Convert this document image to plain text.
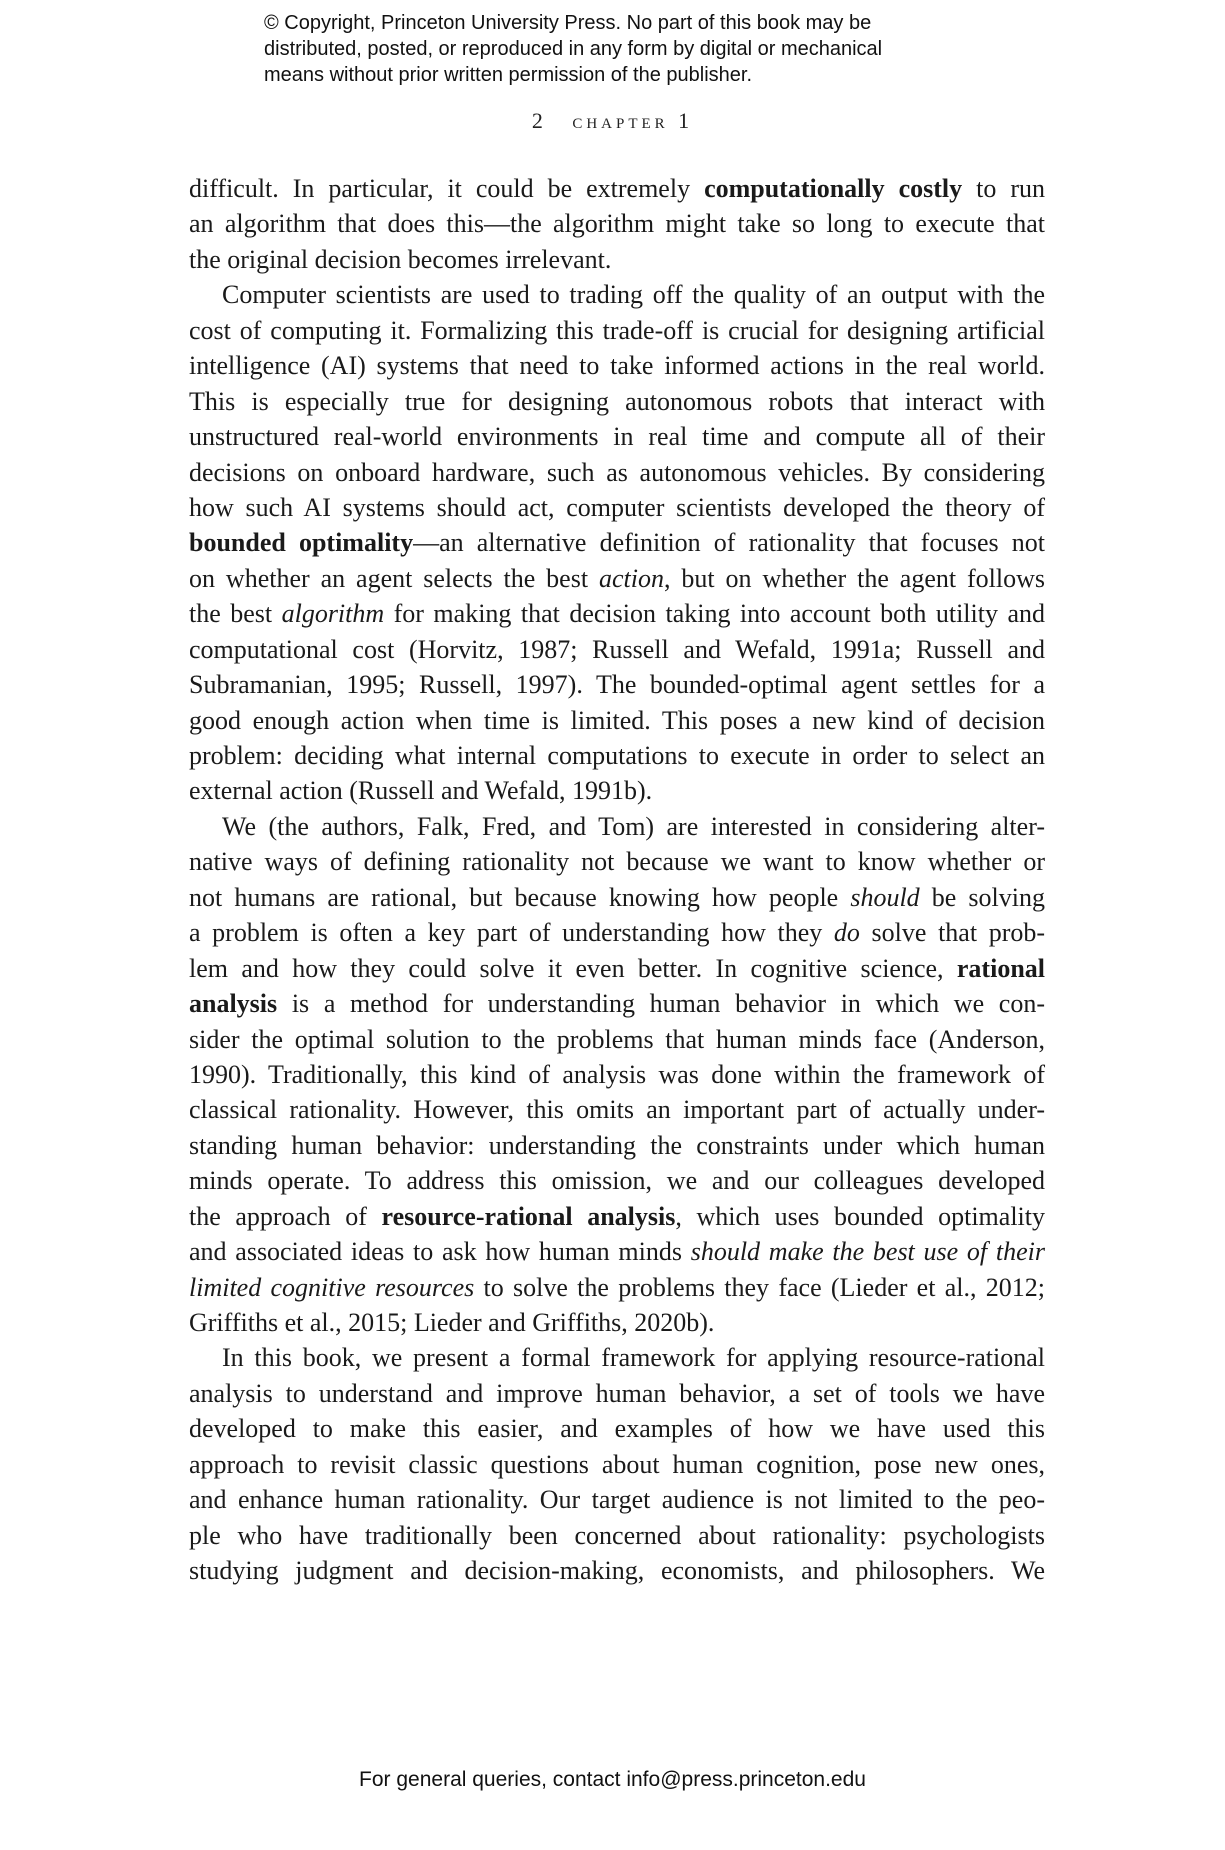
© Copyright, Princeton University Press. No part of this book may be
distributed, posted, or reproduced in any form by digital or mechanical
means without prior written permission of the publisher.
2 chapter 1
difficult. In particular, it could be extremely computationally costly to run
an algorithm that does this—the algorithm might take so long to execute that
the original decision becomes irrelevant.
Computer scientists are used to trading off the quality of an output with the
cost of computing it. Formalizing this trade-off is crucial for designing artificial
intelligence (AI) systems that need to take informed actions in the real world.
This is especially true for designing autonomous robots that interact with
unstructured real-world environments in real time and compute all of their
decisions on onboard hardware, such as autonomous vehicles. By considering
how such AI systems should act, computer scientists developed the theory of
bounded optimality—an alternative definition of rationality that focuses not
on whether an agent selects the best action, but on whether the agent follows
the best algorithm for making that decision taking into account both utility and
computational cost (Horvitz, 1987; Russell and Wefald, 1991a; Russell and
Subramanian, 1995; Russell, 1997). The bounded-optimal agent settles for a
good enough action when time is limited. This poses a new kind of decision
problem: deciding what internal computations to execute in order to select an
external action (Russell and Wefald, 1991b).
We (the authors, Falk, Fred, and Tom) are interested in considering alter-
native ways of defining rationality not because we want to know whether or
not humans are rational, but because knowing how people should be solving
a problem is often a key part of understanding how they do solve that prob-
lem and how they could solve it even better. In cognitive science, rational
analysis is a method for understanding human behavior in which we con-
sider the optimal solution to the problems that human minds face (Anderson,
1990). Traditionally, this kind of analysis was done within the framework of
classical rationality. However, this omits an important part of actually under-
standing human behavior: understanding the constraints under which human
minds operate. To address this omission, we and our colleagues developed
the approach of resource-rational analysis, which uses bounded optimality
and associated ideas to ask how human minds should make the best use of their
limited cognitive resources to solve the problems they face (Lieder et al., 2012;
Griffiths et al., 2015; Lieder and Griffiths, 2020b).
In this book, we present a formal framework for applying resource-rational
analysis to understand and improve human behavior, a set of tools we have
developed to make this easier, and examples of how we have used this
approach to revisit classic questions about human cognition, pose new ones,
and enhance human rationality. Our target audience is not limited to the peo-
ple who have traditionally been concerned about rationality: psychologists
studying judgment and decision-making, economists, and philosophers. We
For general queries, contact info@press.princeton.edu
